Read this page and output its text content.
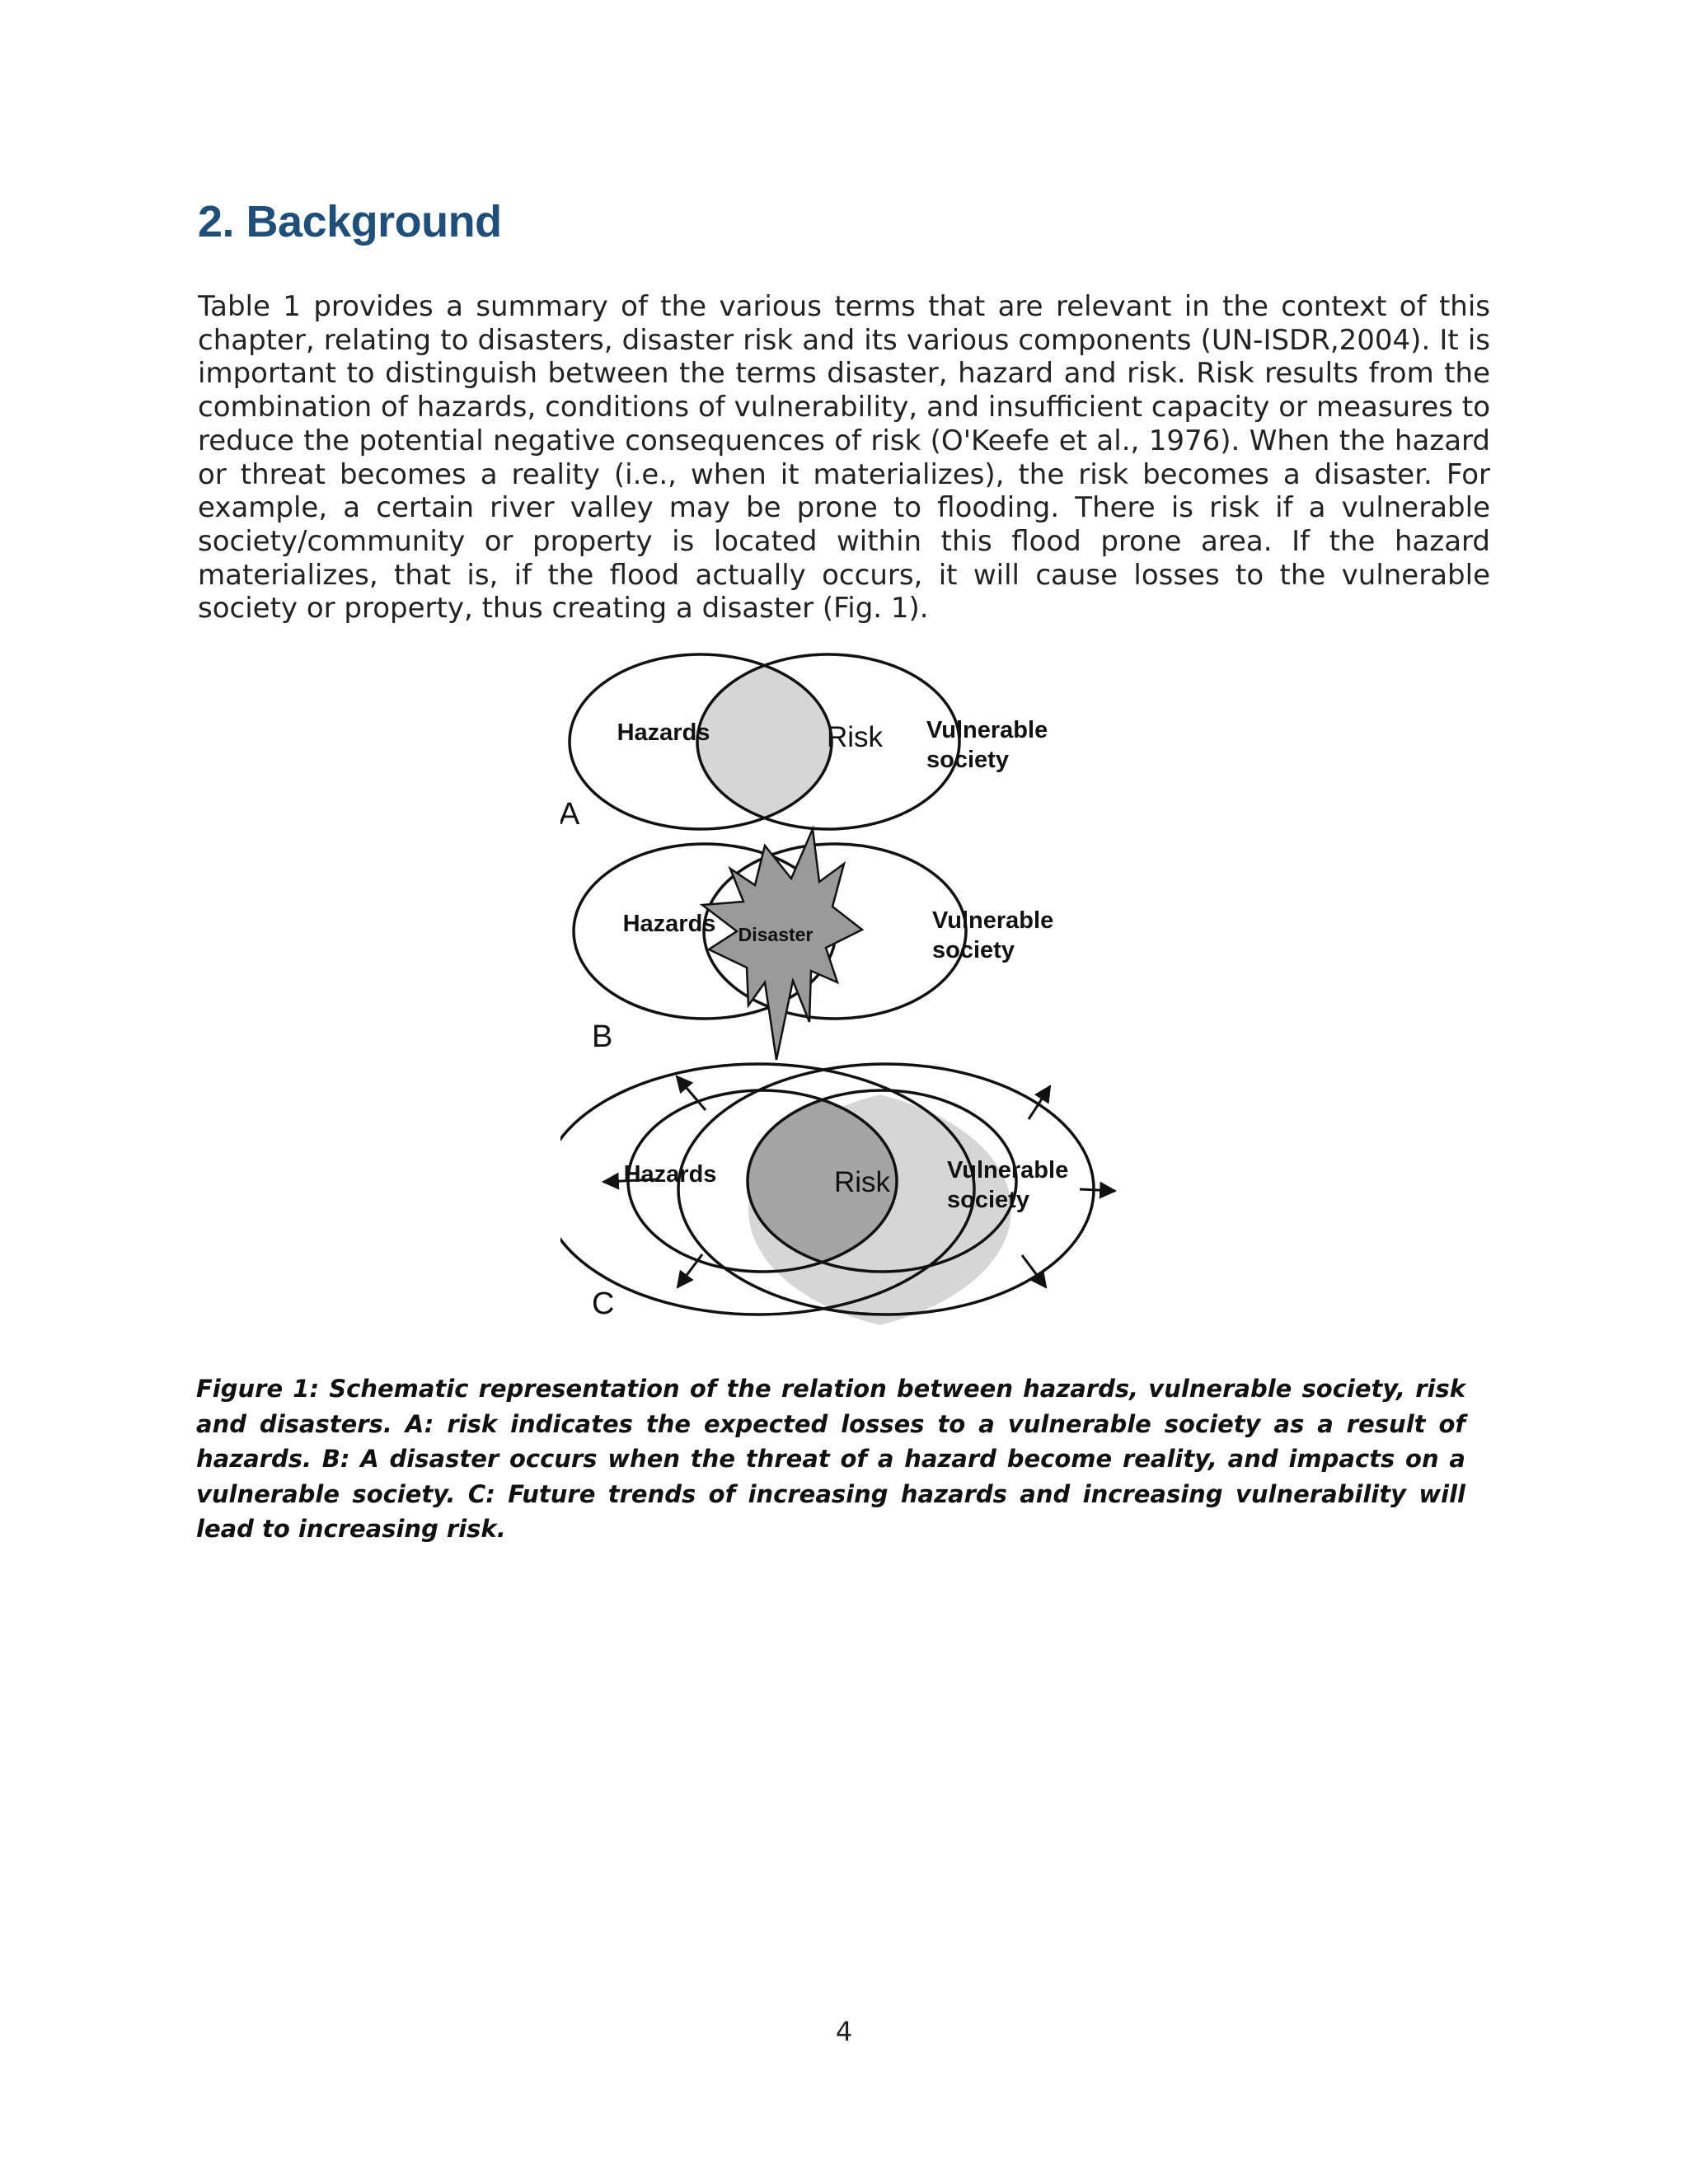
2. Background

Table 1 provides a summary of the various terms that are relevant in the context of this chapter, relating to disasters, disaster risk and its various components (UN-ISDR,2004). It is important to distinguish between the terms disaster, hazard and risk. Risk results from the combination of hazards, conditions of vulnerability, and insufficient capacity or measures to reduce the potential negative consequences of risk (O'Keefe et al., 1976). When the hazard or threat becomes a reality (i.e., when it materializes), the risk becomes a disaster. For example, a certain river valley may be prone to flooding. There is risk if a vulnerable society/community or property is located within this flood prone area. If the hazard materializes, that is, if the flood actually occurs, it will cause losses to the vulnerable society or property, thus creating a disaster (Fig. 1).

Hazards	Risk Vulnerable
society
A
Hazards Disaster
Vulnerable
society
B
Hazards	Risk Vulnerable
society
C

Figure 1: Schematic representation of the relation between hazards, vulnerable society, risk and disasters. A: risk indicates the expected losses to a vulnerable society as a result of hazards. B: A disaster occurs when the threat of a hazard become reality, and impacts on a vulnerable society. C: Future trends of increasing hazards and increasing vulnerability will lead to increasing risk.

4
